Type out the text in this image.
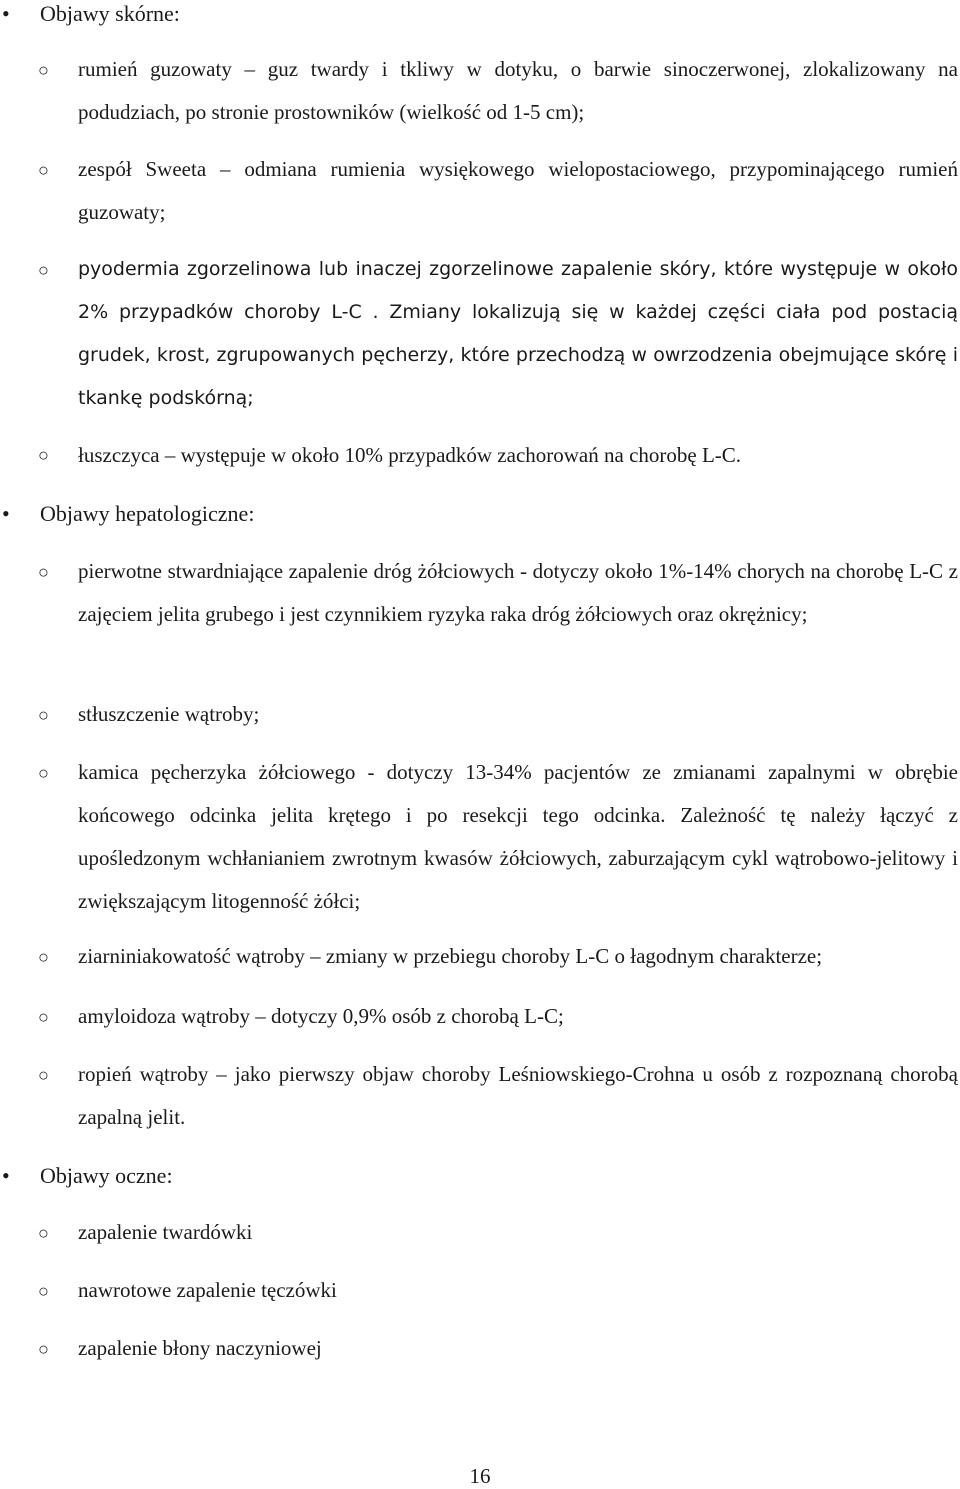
• Objawy skórne:
○ rumień guzowaty – guz twardy i tkliwy w dotyku, o barwie sinoczerwonej, zlokalizowany na podudziach, po stronie prostowników (wielkość od 1-5 cm);

○ zespół Sweeta – odmiana rumienia wysiękowego wielopostaciowego, przypominającego rumień guzowaty;

○ pyodermia zgorzelinowa lub inaczej zgorzelinowe zapalenie skóry, które występuje w około 2% przypadków choroby L-C . Zmiany lokalizują się w każdej części ciała pod postacią grudek, krost, zgrupowanych pęcherzy, które przechodzą w owrzodzenia obejmujące skórę i tkankę podskórną;

○ łuszczyca – występuje w około 10% przypadków zachorowań na chorobę L-C.

• Objawy hepatologiczne:
○ pierwotne stwardniające zapalenie dróg żółciowych - dotyczy około 1%-14% chorych na chorobę L-C z zajęciem jelita grubego i jest czynnikiem ryzyka raka dróg żółciowych oraz okrężnicy;

○ stłuszczenie wątroby;

○ kamica pęcherzyka żółciowego - dotyczy 13-34% pacjentów ze zmianami zapalnymi w obrębie końcowego odcinka jelita krętego i po resekcji tego odcinka. Zależność tę należy łączyć z upośledzonym wchłanianiem zwrotnym kwasów żółciowych, zaburzającym cykl wątrobowo-jelitowy i zwiększającym litogenność żółci;

○ ziarniniakowatość wątroby – zmiany w przebiegu choroby L-C o łagodnym charakterze;

○ amyloidoza wątroby – dotyczy 0,9% osób z chorobą L-C;

○ ropień wątroby – jako pierwszy objaw choroby Leśniowskiego-Crohna u osób z rozpoznaną chorobą zapalną jelit.

• Objawy oczne:
○ zapalenie twardówki

○ nawrotowe zapalenie tęczówki

○ zapalenie błony naczyniowej

16
